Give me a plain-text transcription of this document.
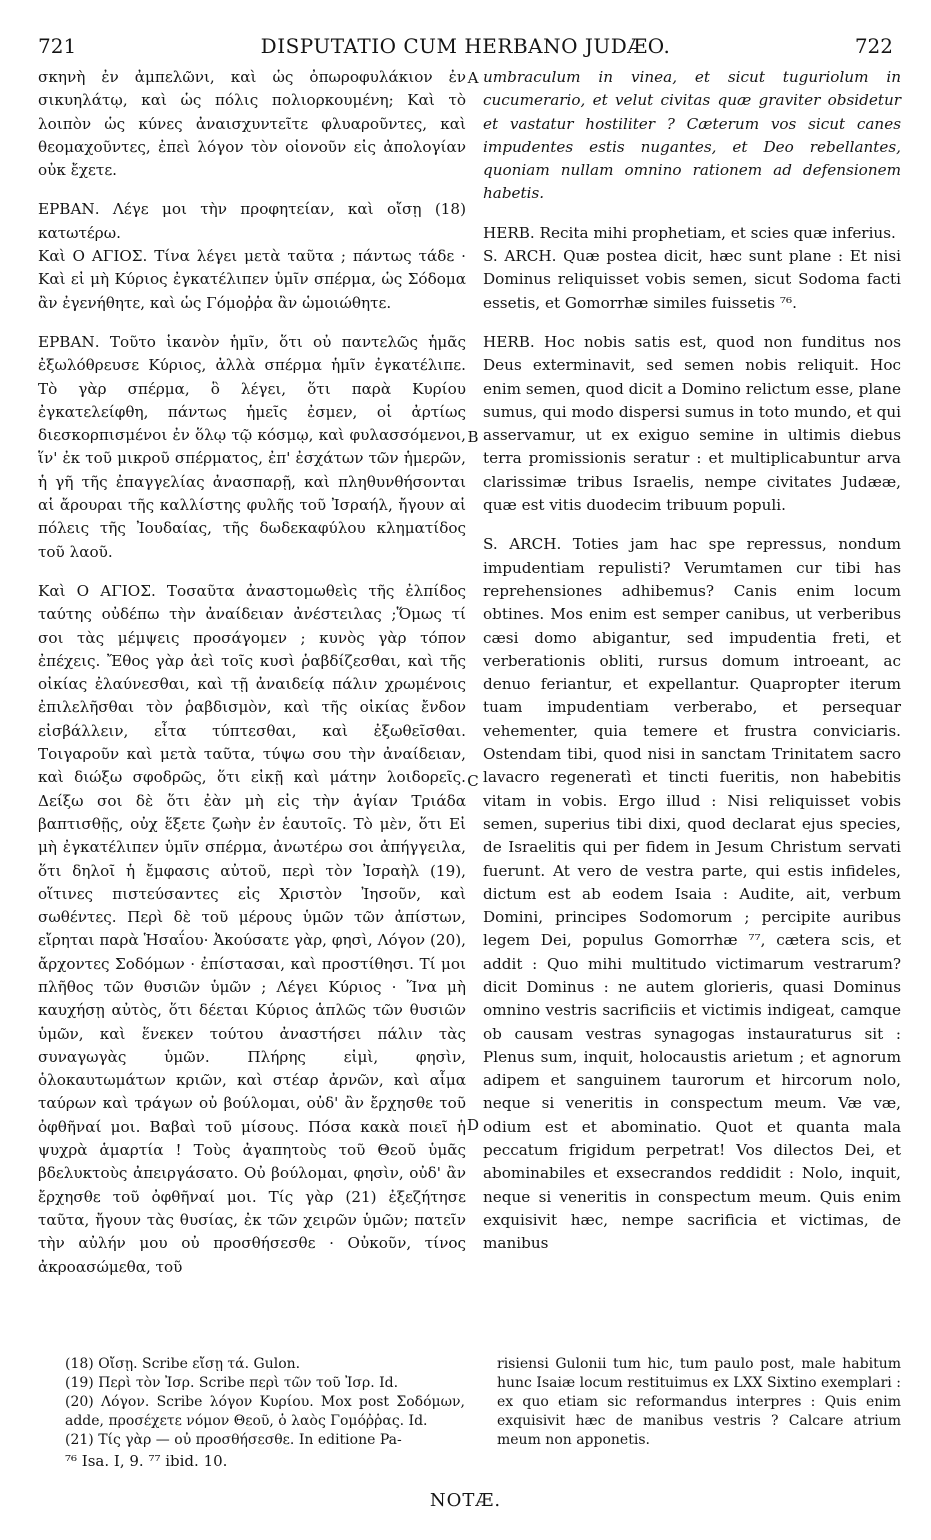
721	DISPUTATIO CUM HERBANO JUDÆO.	722

σκηνὴ ἐν ἀμπελῶνι, καὶ ὡς ὀπωροφυλάκιον ἐν σικυηλάτῳ, καὶ ὡς πόλις πολιορκουμένη; Καὶ τὸ λοιπὸν ὡς κύνες ἀναισχυντεῖτε φλυαροῦντες, καὶ θεομαχοῦντες, ἐπεὶ λόγον τὸν οἱονοῦν εἰς ἀπολογίαν οὐκ ἔχετε.

ΕΡΒΑΝ. Λέγε μοι τὴν προφητείαν, καὶ οἴσῃ (18) κατωτέρω.

Καὶ Ο ΑΓΙΟΣ. Τίνα λέγει μετὰ ταῦτα ; πάντως τάδε · Καὶ εἰ μὴ Κύριος ἐγκατέλιπεν ὑμῖν σπέρμα, ὡς Σόδομα ἂν ἐγενήθητε, καὶ ὡς Γόμοῤῥα ἂν ὡμοιώθητε.

ΕΡΒΑΝ. Τοῦτο ἱκανὸν ἡμῖν, ὅτι οὐ παντελῶς ἡμᾶς ἐξωλόθρευσε Κύριος, ἀλλὰ σπέρμα ἡμῖν ἐγκατέλιπε. Τὸ γὰρ σπέρμα, ὃ λέγει, ὅτι παρὰ Κυρίου ἐγκατελείφθη, πάντως ἡμεῖς ἐσμεν, οἱ ἀρτίως διεσκορπισμένοι ἐν ὅλῳ τῷ κόσμῳ, καὶ φυλασσόμενοι, ἵν' ἐκ τοῦ μικροῦ σπέρματος, ἐπ' ἐσχάτων τῶν ἡμερῶν, ἡ γῆ τῆς ἐπαγγελίας ἀνασπαρῇ, καὶ πληθυνθήσονται αἱ ἄρουραι τῆς καλλίστης φυλῆς τοῦ Ἰσραήλ, ἤγουν αἱ πόλεις τῆς Ἰουδαίας, τῆς δωδεκαφύλου κληματίδος τοῦ λαοῦ.

Καὶ Ο ΑΓΙΟΣ. Τοσαῦτα ἀναστομωθεὶς τῆς ἐλπίδος ταύτης οὐδέπω τὴν ἀναίδειαν ἀνέστειλας ;Ὅμως τί σοι τὰς μέμψεις προσάγομεν ; κυνὸς γὰρ τόπον ἐπέχεις. Ἔθος γὰρ ἀεὶ τοῖς κυσὶ ῥαβδίζεσθαι, καὶ τῆς οἰκίας ἐλαύνεσθαι, καὶ τῇ ἀναιδείᾳ πάλιν χρωμένοις ἐπιλελῆσθαι τὸν ῥαβδισμὸν, καὶ τῆς οἰκίας ἔνδον εἰσβάλλειν, εἶτα τύπτεσθαι, καὶ ἐξωθεῖσθαι. Τοιγαροῦν καὶ μετὰ ταῦτα, τύψω σου τὴν ἀναίδειαν, καὶ διώξω σφοδρῶς, ὅτι εἰκῇ καὶ μάτην λοιδορεῖς. Δείξω σοι δὲ ὅτι ἐὰν μὴ εἰς τὴν ἁγίαν Τριάδα βαπτισθῇς, οὐχ ἕξετε ζωὴν ἐν ἑαυτοῖς. Τὸ μὲν, ὅτι Εἰ μὴ ἐγκατέλιπεν ὑμῖν σπέρμα, ἀνωτέρω σοι ἀπήγγειλα, ὅτι δηλοῖ ἡ ἔμφασις αὐτοῦ, περὶ τὸν Ἰσραὴλ (19), οἵτινες πιστεύσαντες εἰς Χριστὸν Ἰησοῦν, καὶ σωθέντες. Περὶ δὲ τοῦ μέρους ὑμῶν τῶν ἀπίστων, εἴρηται παρὰ Ἡσαΐου· Ἀκούσατε γὰρ, φησὶ, Λόγον (20), ἄρχοντες Σοδόμων · ἐπίστασαι, καὶ προστίθησι. Τί μοι πλῆθος τῶν θυσιῶν ὑμῶν ; Λέγει Κύριος · Ἵνα μὴ καυχήσῃ αὐτὸς, ὅτι δέεται Κύριος ἁπλῶς τῶν θυσιῶν ὑμῶν, καὶ ἕνεκεν τούτου ἀναστήσει πάλιν τὰς συναγωγὰς ὑμῶν. Πλήρης εἰμὶ, φησὶν, ὁλοκαυτωμάτων κριῶν, καὶ στέαρ ἀρνῶν, καὶ αἷμα ταύρων καὶ τράγων οὐ βούλομαι, οὐδ' ἂν ἔρχησθε τοῦ ὀφθῆναί μοι. Βαβαὶ τοῦ μίσους. Πόσα κακὰ ποιεῖ ἡ ψυχρὰ ἁμαρτία ! Τοὺς ἀγαπητοὺς τοῦ Θεοῦ ὑμᾶς βδελυκτοὺς ἀπειργάσατο. Οὐ βούλομαι, φησὶν, οὐδ' ἂν ἔρχησθε τοῦ ὀφθῆναί μοι. Τίς γὰρ (21) ἐξεζήτησε ταῦτα, ἤγουν τὰς θυσίας, ἐκ τῶν χειρῶν ὑμῶν; πατεῖν τὴν αὐλήν μου οὐ προσθήσεσθε · Οὐκοῦν, τίνος ἀκροασώμεθα, τοῦ

A
B
C
D

umbraculum in vinea, et sicut tuguriolum in cucumerario, et velut civitas quæ graviter obsidetur et vastatur hostiliter ? Cæterum vos sicut canes impudentes estis nugantes, et Deo rebellantes, quoniam nullam omnino rationem ad defensionem habetis.

HERB. Recita mihi prophetiam, et scies quæ inferius.

S. ARCH. Quæ postea dicit, hæc sunt plane : Et nisi Dominus reliquisset vobis semen, sicut Sodoma facti essetis, et Gomorrhæ similes fuissetis ⁷⁶.

HERB. Hoc nobis satis est, quod non funditus nos Deus exterminavit, sed semen nobis reliquit. Hoc enim semen, quod dicit a Domino relictum esse, plane sumus, qui modo dispersi sumus in toto mundo, et qui asservamur, ut ex exiguo semine in ultimis diebus terra promissionis seratur : et multiplicabuntur arva clarissimæ tribus Israelis, nempe civitates Judææ, quæ est vitis duodecim tribuum populi.

S. ARCH. Toties jam hac spe repressus, nondum impudentiam repulisti? Verumtamen cur tibi has reprehensiones adhibemus? Canis enim locum obtines. Mos enim est semper canibus, ut verberibus cæsi domo abigantur, sed impudentia freti, et verberationis obliti, rursus domum introeant, ac denuo feriantur, et expellantur. Quapropter iterum tuam impudentiam verberabo, et persequar vehementer, quia temere et frustra conviciaris. Ostendam tibi, quod nisi in sanctam Trinitatem sacro lavacro regeneratì et tincti fueritis, non habebitis vitam in vobis. Ergo illud : Nisi reliquisset vobis semen, superius tibi dixi, quod declarat ejus species, de Israelitis qui per fidem in Jesum Christum servati fuerunt. At vero de vestra parte, qui estis infideles, dictum est ab eodem Isaia : Audite, ait, verbum Domini, principes Sodomorum ; percipite auribus legem Dei, populus Gomorrhæ ⁷⁷, cætera scis, et addit : Quo mihi multitudo victimarum vestrarum? dicit Dominus : ne autem glorieris, quasi Dominus omnino vestris sacrificiis et victimis indigeat, camque ob causam vestras synagogas instauraturus sit : Plenus sum, inquit, holocaustis arietum ; et agnorum adipem et sanguinem taurorum et hircorum nolo, neque si veneritis in conspectum meum. Væ væ, odium est et abominatio. Quot et quanta mala peccatum frigidum perpetrat! Vos dilectos Dei, et abominabiles et exsecrandos reddidit : Nolo, inquit, neque si veneritis in conspectum meum. Quis enim exquisivit hæc, nempe sacrificia et victimas, de manibus

(18) Οἴσῃ. Scribe εἴσῃ τά. Gulon.

(19) Περὶ τὸν Ἰσρ. Scribe περὶ τῶν τοῦ Ἰσρ. Id.

(20) Λόγον. Scribe λόγον Κυρίου. Mox post Σοδόμων, adde, προσέχετε νόμον Θεοῦ, ὁ λαὸς Γομόῤῥας. Id.

(21) Τίς γὰρ — οὐ προσθήσεσθε. In editione Pa-

risiensi Gulonii tum hic, tum paulo post, male habitum hunc Isaiæ locum restituimus ex LXX Sixtino exemplari : ex quo etiam sic reformandus interpres : Quis enim exquisivit hæc de manibus vestris ? Calcare atrium meum non apponetis.

⁷⁶ Isa. I, 9. ⁷⁷ ibid. 10.
NOTÆ.
